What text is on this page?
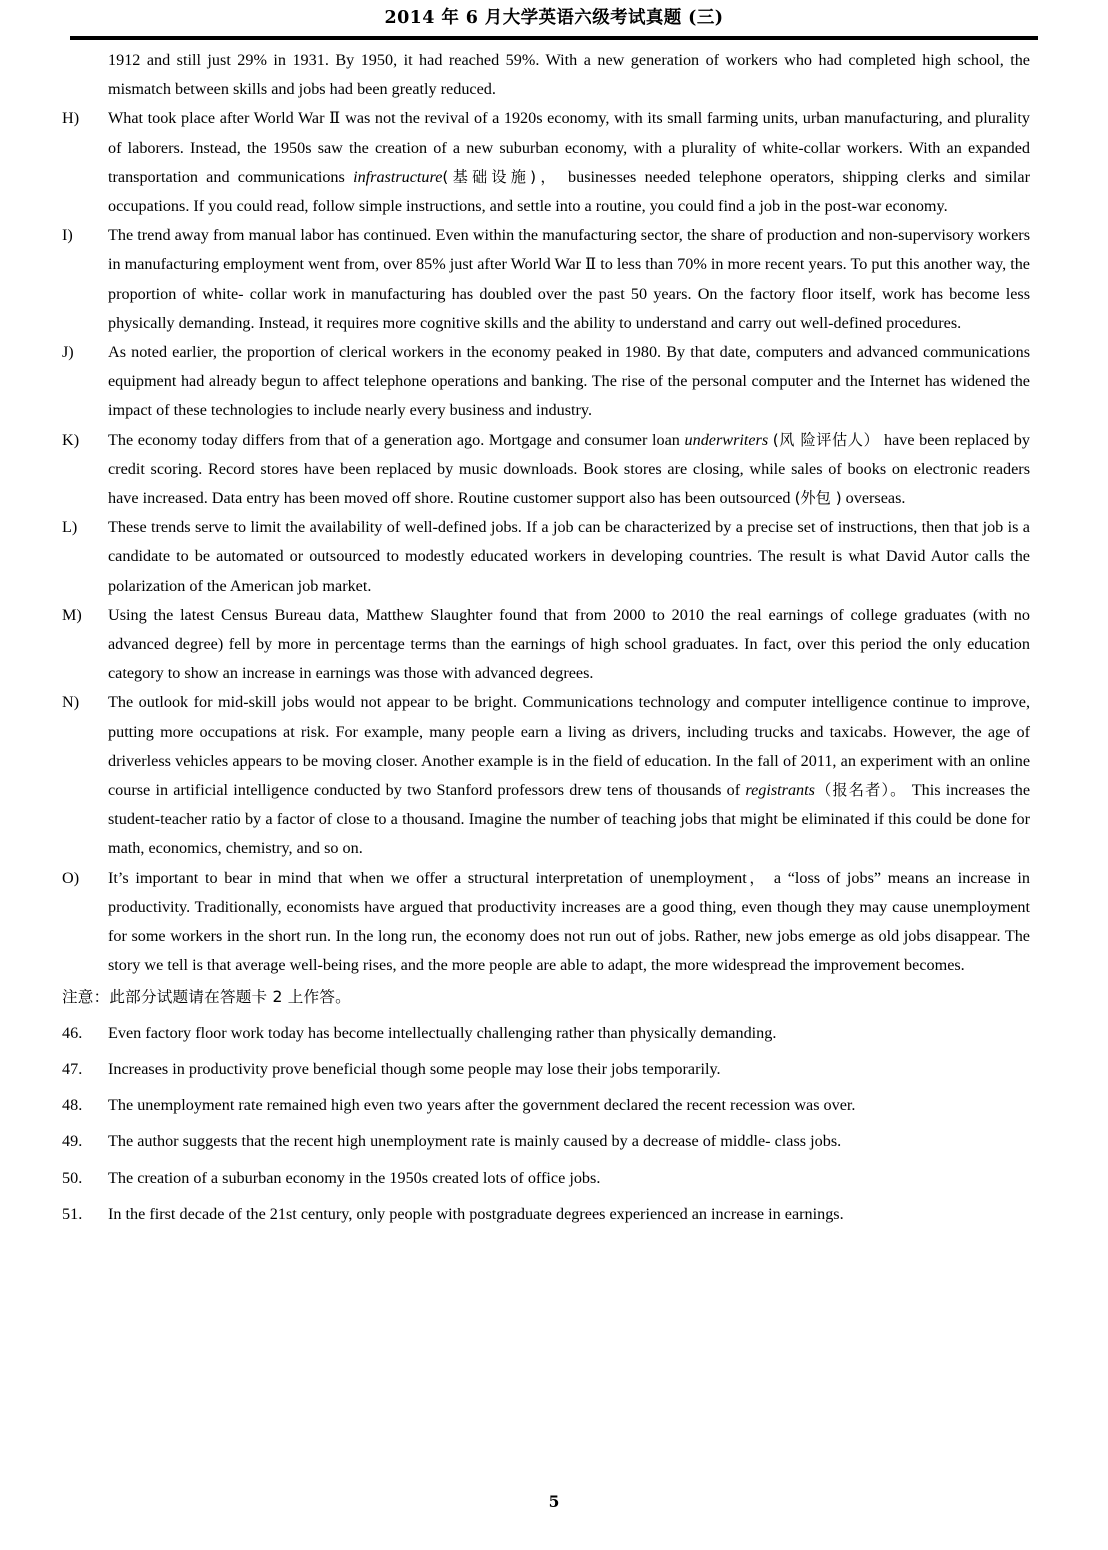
2014 年 6 月大学英语六级考试真题 (三)
1912 and still just 29% in 1931. By 1950, it had reached 59%. With a new generation of workers who had completed high school, the mismatch between skills and jobs had been greatly reduced.
H)	What took place after World War Ⅱ was not the revival of a 1920s economy, with its small farming units, urban manufacturing, and plurality of laborers. Instead, the 1950s saw the creation of a new suburban economy, with a plurality of white-collar workers. With an expanded transportation and communications infrastructure(基础设施)， businesses needed telephone operators, shipping clerks and similar occupations. If you could read, follow simple instructions, and settle into a routine, you could find a job in the post-war economy.
I)	The trend away from manual labor has continued. Even within the manufacturing sector, the share of production and non-supervisory workers in manufacturing employment went from, over 85% just after World War Ⅱ to less than 70% in more recent years. To put this another way, the proportion of white- collar work in manufacturing has doubled over the past 50 years. On the factory floor itself, work has become less physically demanding. Instead, it requires more cognitive skills and the ability to understand and carry out well-defined procedures.
J)	As noted earlier, the proportion of clerical workers in the economy peaked in 1980. By that date, computers and advanced communications equipment had already begun to affect telephone operations and banking. The rise of the personal computer and the Internet has widened the impact of these technologies to include nearly every business and industry.
K)	The economy today differs from that of a generation ago. Mortgage and consumer loan underwriters (风 险评估人） have been replaced by credit scoring. Record stores have been replaced by music downloads. Book stores are closing, while sales of books on electronic readers have increased. Data entry has been moved off shore. Routine customer support also has been outsourced (外包 ) overseas.
L)	These trends serve to limit the availability of well-defined jobs. If a job can be characterized by a precise set of instructions, then that job is a candidate to be automated or outsourced to modestly educated workers in developing countries. The result is what David Autor calls the polarization of the American job market.
M)	Using the latest Census Bureau data, Matthew Slaughter found that from 2000 to 2010 the real earnings of college graduates (with no advanced degree) fell by more in percentage terms than the earnings of high school graduates. In fact, over this period the only education category to show an increase in earnings was those with advanced degrees.
N)	The outlook for mid-skill jobs would not appear to be bright. Communications technology and computer intelligence continue to improve, putting more occupations at risk. For example, many people earn a living as drivers, including trucks and taxicabs. However, the age of driverless vehicles appears to be moving closer. Another example is in the field of education. In the fall of 2011, an experiment with an online course in artificial intelligence conducted by two Stanford professors drew tens of thousands of registrants（报名者）。 This increases the student-teacher ratio by a factor of close to a thousand. Imagine the number of teaching jobs that might be eliminated if this could be done for math, economics, chemistry, and so on.
O)	It’s important to bear in mind that when we offer a structural interpretation of unemployment， a “loss of jobs” means an increase in productivity. Traditionally, economists have argued that productivity increases are a good thing, even though they may cause unemployment for some workers in the short run. In the long run, the economy does not run out of jobs. Rather, new jobs emerge as old jobs disappear. The story we tell is that average well-being rises, and the more people are able to adapt, the more widespread the improvement becomes.
注意：此部分试题请在答题卡 2 上作答。
46.	Even factory floor work today has become intellectually challenging rather than physically demanding.
47.	Increases in productivity prove beneficial though some people may lose their jobs temporarily.
48.	The unemployment rate remained high even two years after the government declared the recent recession was over.
49.	The author suggests that the recent high unemployment rate is mainly caused by a decrease of middle- class jobs.
50.	The creation of a suburban economy in the 1950s created lots of office jobs.
51.	In the first decade of the 21st century, only people with postgraduate degrees experienced an increase in earnings.
5
